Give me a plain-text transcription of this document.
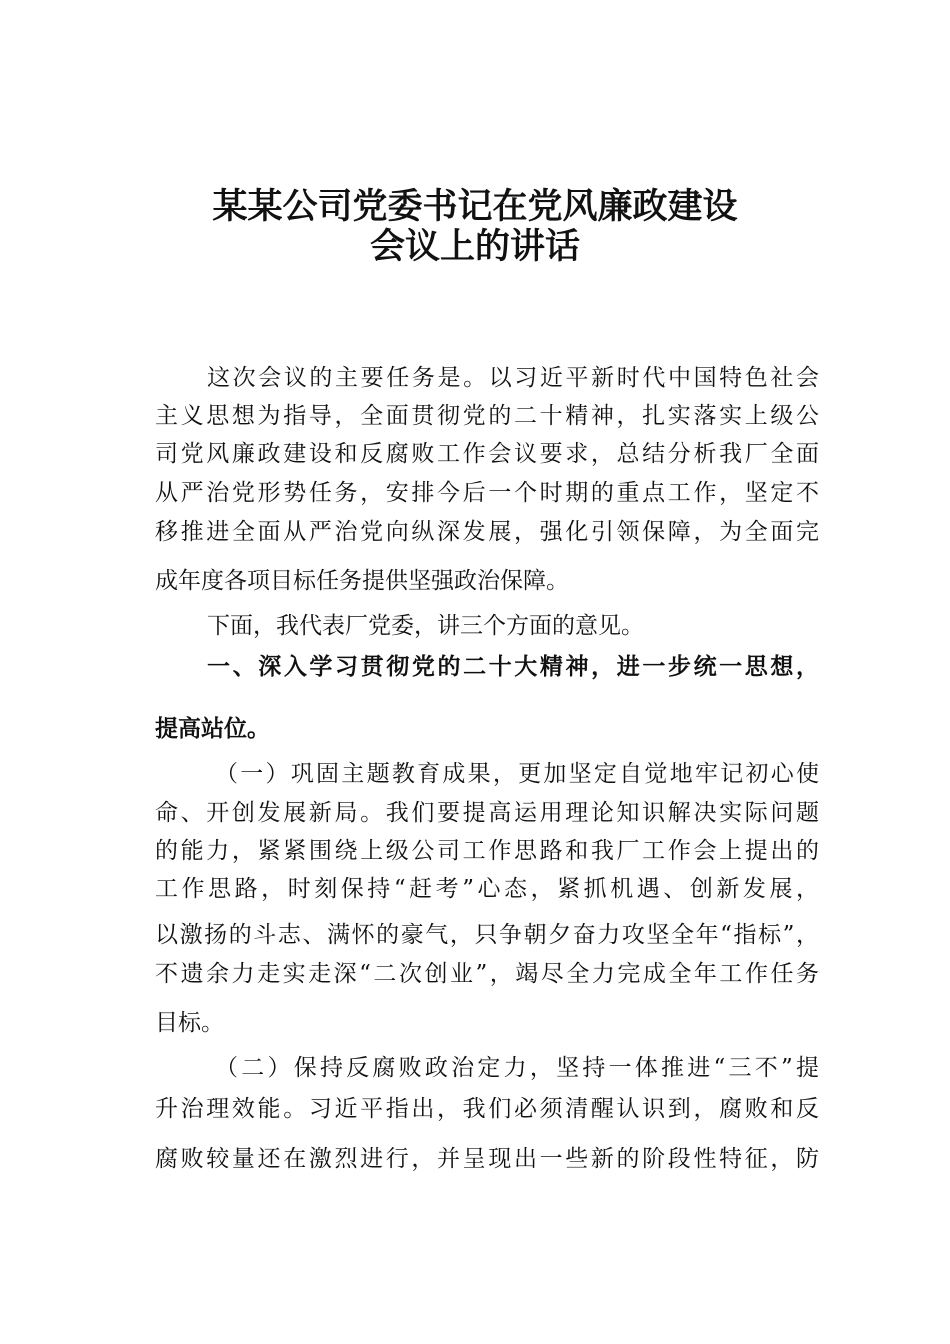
某某公司党委书记在党风廉政建设
会议上的讲话

这次会议的主要任务是。以习近平新时代中国特色社会

主义思想为指导，全面贯彻党的二十精神，扎实落实上级公

司党风廉政建设和反腐败工作会议要求，总结分析我厂全面

从严治党形势任务，安排今后一个时期的重点工作，坚定不

移推进全面从严治党向纵深发展，强化引领保障，为全面完

成年度各项目标任务提供坚强政治保障。

下面，我代表厂党委，讲三个方面的意见。

一、深入学习贯彻党的二十大精神，进一步统一思想，

提高站位。

（一）巩固主题教育成果，更加坚定自觉地牢记初心使

命、开创发展新局。我们要提高运用理论知识解决实际问题

的能力，紧紧围绕上级公司工作思路和我厂工作会上提出的

工作思路，时刻保持“赶考”心态，紧抓机遇、创新发展，

以激扬的斗志、满怀的豪气，只争朝夕奋力攻坚全年“指标”，

不遗余力走实走深“二次创业”，竭尽全力完成全年工作任务

目标。

（二）保持反腐败政治定力，坚持一体推进“三不”提

升治理效能。习近平指出，我们必须清醒认识到，腐败和反

腐败较量还在激烈进行，并呈现出一些新的阶段性特征，防
